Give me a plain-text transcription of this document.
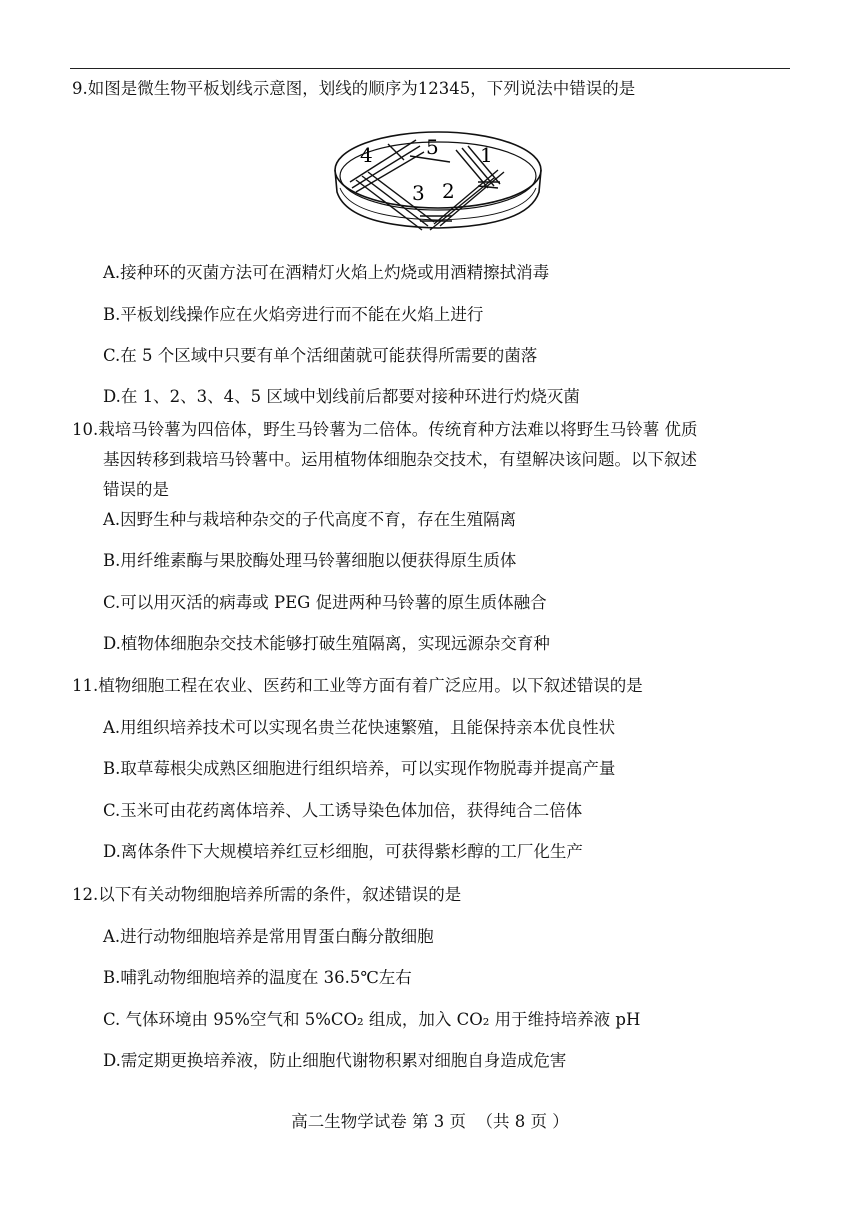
9.如图是微生物平板划线示意图，划线的顺序为12345，下列说法中错误的是
1
2
3
4	5
A.接种环的灭菌方法可在酒精灯火焰上灼烧或用酒精擦拭消毒
B.平板划线操作应在火焰旁进行而不能在火焰上进行
C.在 5 个区域中只要有单个活细菌就可能获得所需要的菌落
D.在 1、2、3、4、5 区域中划线前后都要对接种环进行灼烧灭菌
10.栽培马铃薯为四倍体，野生马铃薯为二倍体。传统育种方法难以将野生马铃薯 优质
基因转移到栽培马铃薯中。运用植物体细胞杂交技术，有望解决该问题。以下叙述
错误的是
A.因野生种与栽培种杂交的子代高度不育，存在生殖隔离
B.用纤维素酶与果胶酶处理马铃薯细胞以便获得原生质体
C.可以用灭活的病毒或 PEG 促进两种马铃薯的原生质体融合
D.植物体细胞杂交技术能够打破生殖隔离，实现远源杂交育种
11.植物细胞工程在农业、医药和工业等方面有着广泛应用。以下叙述错误的是
A.用组织培养技术可以实现名贵兰花快速繁殖，且能保持亲本优良性状
B.取草莓根尖成熟区细胞进行组织培养，可以实现作物脱毒并提高产量
C.玉米可由花药离体培养、人工诱导染色体加倍，获得纯合二倍体
D.离体条件下大规模培养红豆杉细胞，可获得紫杉醇的工厂化生产
12.以下有关动物细胞培养所需的条件，叙述错误的是
A.进行动物细胞培养是常用胃蛋白酶分散细胞
B.哺乳动物细胞培养的温度在 36.5℃左右
C. 气体环境由 95%空气和 5%CO₂ 组成，加入 CO₂ 用于维持培养液 pH
D.需定期更换培养液，防止细胞代谢物积累对细胞自身造成危害
高二生物学试卷 第 3 页  （共 8 页 ）
